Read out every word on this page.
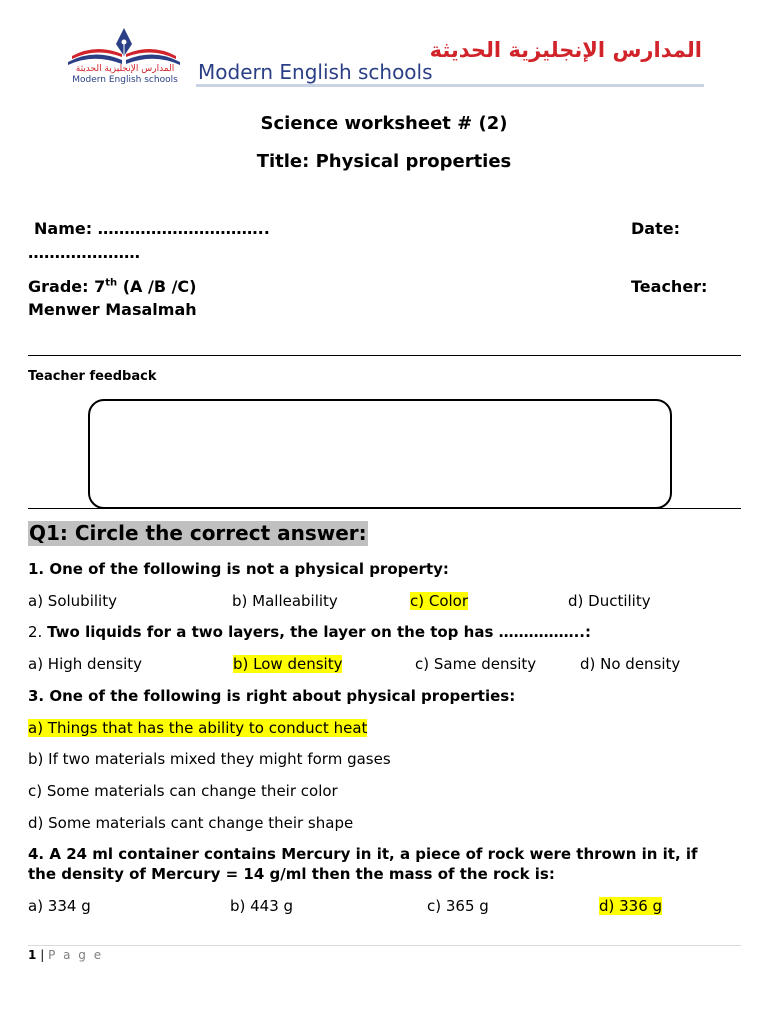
المدارس الإنجليزية الحديثة
Modern English schools
المدارس الإنجليزية الحديثة
Modern English schools
Science worksheet # (2)
Title: Physical properties
Name: …………………………..	Date:
…………………
Grade: 7th (A /B /C)	Teacher:
Menwer Masalmah
Teacher feedback
Q1: Circle the correct answer:
1. One of the following is not a physical property:
a) Solubility	b) Malleability	c) Color	d) Ductility
2. Two liquids for a two layers, the layer on the top has ……………..:
a) High density	b) Low density	c) Same density	d) No density
3. One of the following is right about physical properties:
a) Things that has the ability to conduct heat
b) If two materials mixed they might form gases
c) Some materials can change their color
d) Some materials cant change their shape
4. A 24 ml container contains Mercury in it, a piece of rock were thrown in it, if
the density of Mercury = 14 g/ml then the mass of the rock is:
a) 334 g	b) 443 g	c) 365 g	d) 336 g
1 | P a g e
